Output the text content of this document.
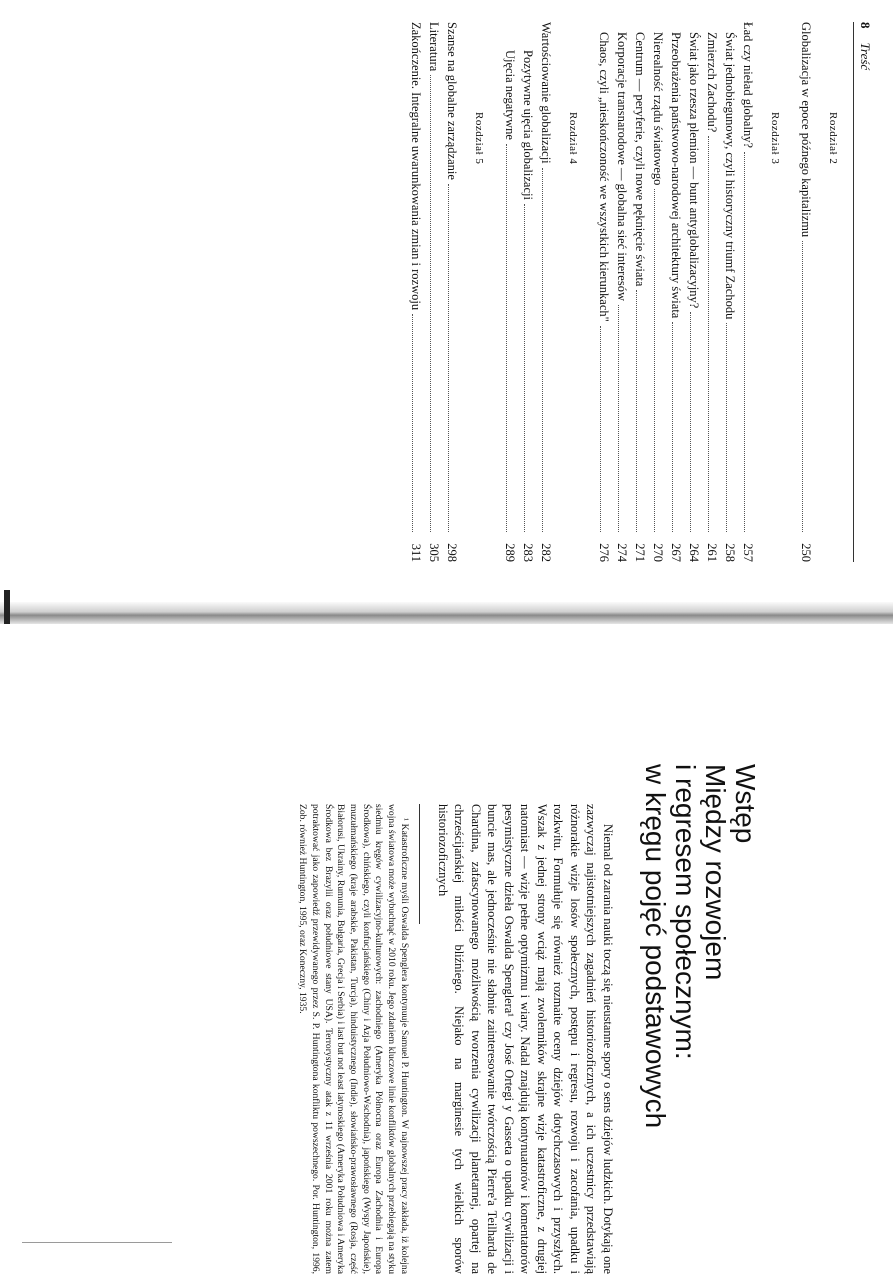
8
Treść
Rozdział 2
Globalizacja w epoce późnego kapitalizmu
250
Rozdział 3
Ład czy nieład globalny?
257
Świat jednobiegunowy, czyli historyczny triumf Zachodu
258
Zmierzch Zachodu?
261
Świat jako rzesza plemion — bunt antyglobalizacyjny?
264
Przeobrażenia państwowo-narodowej architektury świata
267
Nierealność rządu światowego
270
Centrum — peryferie, czyli nowe pęknięcie świata
271
Korporacje transnarodowe — globalna sieć interesów
274
Chaos, czyli „nieskończoność we wszystkich kierunkach"
276
Rozdział 4
Wartościowanie globalizacji
282
Pozytywne ujęcia globalizacji
283
Ujęcia negatywne
289
Rozdział 5
Szanse na globalne zarządzanie
298
Literatura
305
Zakończenie. Integralne uwarunkowania zmian i rozwoju
311
Wstęp
Między rozwojem
i regresem społecznym:
w kręgu pojęć podstawowych

Niemal od zarania nauki toczą się nieustanne spory o sens dziejów ludzkich. Dotykają one zazwyczaj najistotniejszych zagadnień historiozoficznych, a ich uczestnicy przedstawiają różnorakie wizje losów społecznych, postępu i regresu, rozwoju i zacofania, upadku i rozkwitu. Formułuje się również rozmaite oceny dziejów dotychczasowych i przyszłych. Wszak z jednej strony wciąż mają zwolenników skrajne wizje katastroficzne, z drugiej natomiast — wizje pełne optymizmu i wiary. Nadal znajdują kontynuatorów i komentatorów pesymistyczne dzieła Oswalda Spenglera¹ czy José Ortegi y Gasseta o upadku cywilizacji i buncie mas, ale jednocześnie nie słabnie zainteresowanie twórczością Pierre'a Teilharda de Chardina, zafascynowanego możliwością tworzenia cywilizacji planetarnej, opartej na chrześcijańskiej miłości bliźniego. Niejako na marginesie tych wielkich sporów historiozoficznych

¹ Katastroficzne myśli Oswalda Spenglera kontynuuje Samuel P. Huntington. W najnowszej pracy zakłada, iż kolejna wojna światowa może wybuchnąć w 2010 roku. Jego zdaniem kluczowe linie konfliktów globalnych przebiegają na styku siedmiu kręgów cywilizacyjno-kulturowych: zachodniego (Ameryka Północna oraz Europa Zachodnia i Europa Środkowa), chińskiego, czyli konfucjańskiego (Chiny i Azja Południowo-Wschodnia), japońskiego (Wyspy Japońskie), muzułmańskiego (kraje arabskie, Pakistan, Turcja), hinduistycznego (Indie), słowiańsko-prawosławnego (Rosja, część Białorusi, Ukrainy, Rumunia, Bułgaria, Grecja i Serbia) i last but not least latynoskiego (Ameryka Południowa i Ameryka Środkowa bez Brazylii oraz południowe stany USA). Terrorystyczny atak z 11 września 2001 roku można zatem potraktować jako zapowiedź przewidywanego przez S. P. Huntingtona konfliktu powszechnego. Por. Huntington, 1996, Zob. również Huntington, 1995, oraz Koneczny, 1935.
